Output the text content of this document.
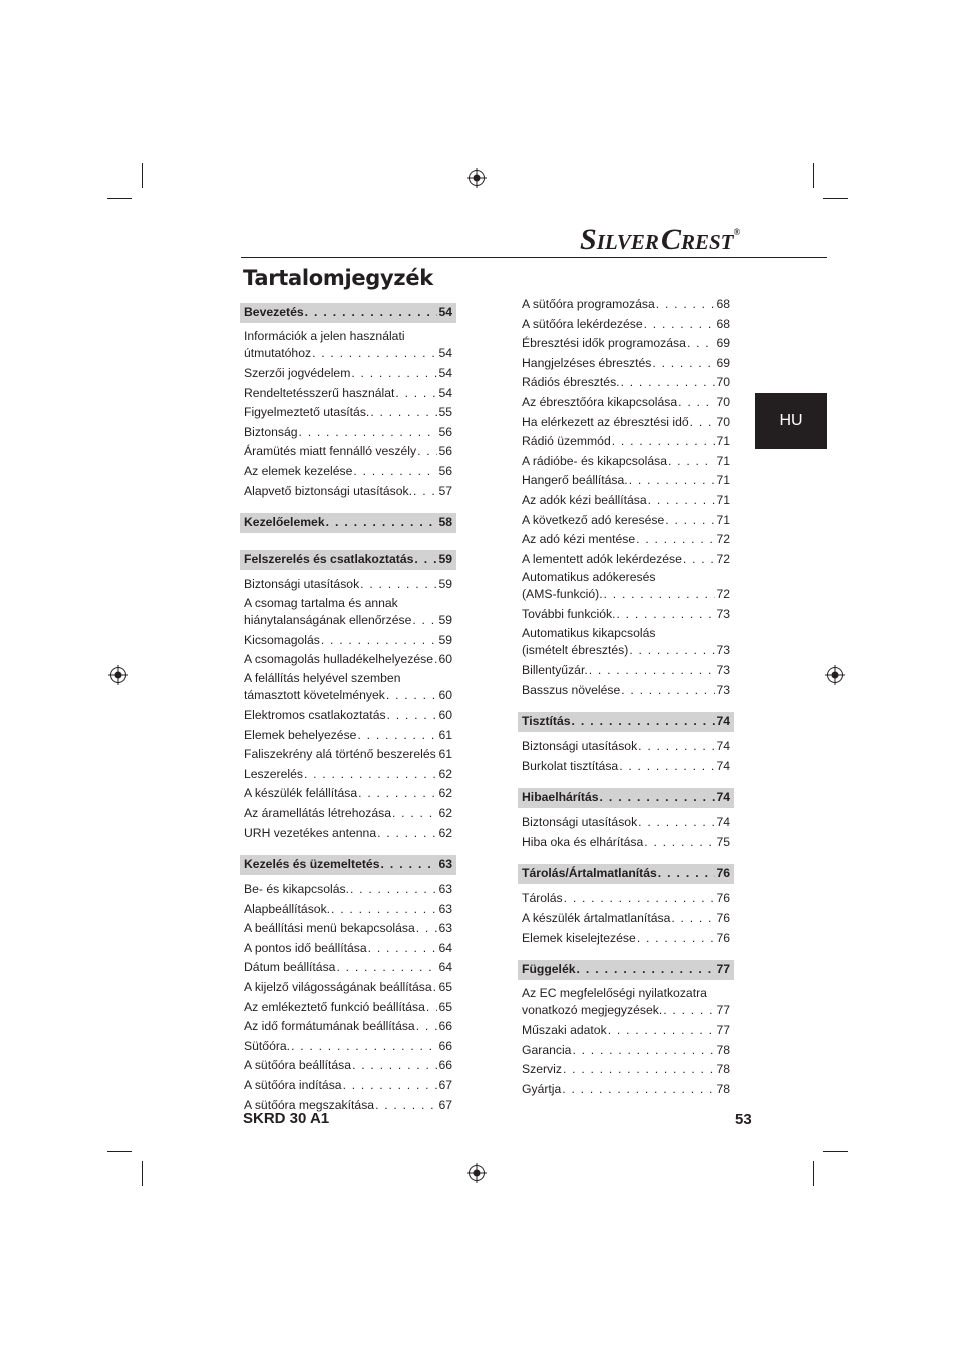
SILVERCREST®
Tartalomjegyzék
HU
Bevezetés . . .	54
Információk a jelen használati
útmutatóhoz . . .	54
Szerzői jogvédelem . . .	54
Rendeltetésszerű használat . . .	54
Figyelmeztető utasítás. . . .	55
Biztonság . . .	56
Áramütés miatt fennálló veszély . . . 56
Az elemek kezelése . . .	56
Alapvető biztonsági utasítások. . . . 57
Kezelőelemek . . .	58
Felszerelés és csatlakoztatás . . . 59
Biztonsági utasítások . . .	59
A csomag tartalma és annak
hiánytalanságának ellenőrzése . . . 59
Kicsomagolás . . .	59
A csomagolás hulladékelhelyezése . . . 60
A felállítás helyével szemben
támasztott követelmények . . .	60
Elektromos csatlakoztatás . . .	60
Elemek behelyezése . . .	61
Faliszekrény alá történő beszerelés . . . 61
Leszerelés . . .	62
A készülék felállítása . . .	62
Az áramellátás létrehozása . . .	62
URH vezetékes antenna . . .	62
Kezelés és üzemeltetés . . .	63
Be- és kikapcsolás. . . .	63
Alapbeállítások. . . .	63
A beállítási menü bekapcsolása . . . 63
A pontos idő beállítása . . .	64
Dátum beállítása . . .	64
A kijelző világosságának beállítása . . . 65
Az emlékeztető funkció beállítása . . . 65
Az idő formátumának beállítása . . . 66
Sütőóra. . . .	66
A sütőóra beállítása . . .	66
A sütőóra indítása . . .	67
A sütőóra megszakítása . . .	67
A sütőóra programozása . . .	68
A sütőóra lekérdezése . . .	68
Ébresztési idők programozása . . .	69
Hangjelzéses ébresztés . . .	69
Rádiós ébresztés. . . .	70
Az ébresztőóra kikapcsolása . . .	70
Ha elérkezett az ébresztési idő . . . 70
Rádió üzemmód . . .	71
A rádióbe- és kikapcsolása . . .	71
Hangerő beállítása. . . .	71
Az adók kézi beállítása . . .	71
A következő adó keresése . . .	71
Az adó kézi mentése . . .	72
A lementett adók lekérdezése . . .	72
Automatikus adókeresés
(AMS-funkció). . . .	72
További funkciók. . . .	73
Automatikus kikapcsolás
(ismételt ébresztés) . . .	73
Billentyűzár. . . .	73
Basszus növelése . . .	73
Tisztítás . . .	74
Biztonsági utasítások . . .	74
Burkolat tisztítása . . .	74
Hibaelhárítás . . .	74
Biztonsági utasítások . . .	74
Hiba oka és elhárítása . . .	75
Tárolás/Ártalmatlanítás . . .	76
Tárolás . . .	76
A készülék ártalmatlanítása . . .	76
Elemek kiselejtezése . . .	76
Függelék . . .	77
Az EC megfelelőségi nyilatkozatra
vonatkozó megjegyzések. . . .	77
Műszaki adatok . . .	77
Garancia . . .	78
Szerviz . . .	78
Gyártja . . .	78
SKRD 30 A1	53
